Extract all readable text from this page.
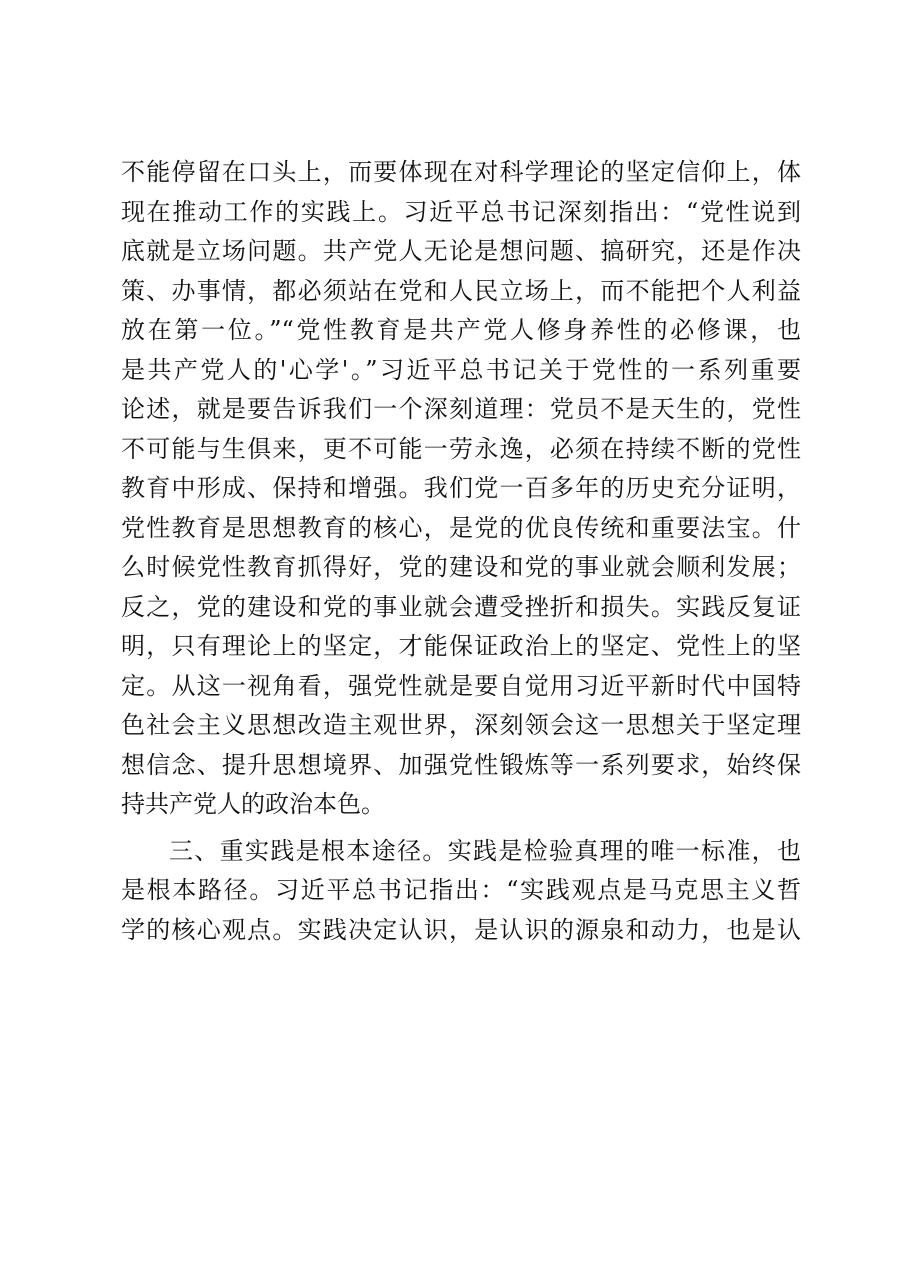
不能停留在口头上，而要体现在对科学理论的坚定信仰上，体
现在推动工作的实践上。习近平总书记深刻指出：“党性说到
底就是立场问题。共产党人无论是想问题、搞研究，还是作决
策、办事情，都必须站在党和人民立场上，而不能把个人利益
放在第一位。”“党性教育是共产党人修身养性的必修课，也
是共产党人的'心学'。”习近平总书记关于党性的一系列重要
论述，就是要告诉我们一个深刻道理：党员不是天生的，党性
不可能与生俱来，更不可能一劳永逸，必须在持续不断的党性
教育中形成、保持和增强。我们党一百多年的历史充分证明，
党性教育是思想教育的核心，是党的优良传统和重要法宝。什
么时候党性教育抓得好，党的建设和党的事业就会顺利发展；
反之，党的建设和党的事业就会遭受挫折和损失。实践反复证
明，只有理论上的坚定，才能保证政治上的坚定、党性上的坚
定。从这一视角看，强党性就是要自觉用习近平新时代中国特
色社会主义思想改造主观世界，深刻领会这一思想关于坚定理
想信念、提升思想境界、加强党性锻炼等一系列要求，始终保
持共产党人的政治本色。
三、重实践是根本途径。实践是检验真理的唯一标准，也
是根本路径。习近平总书记指出：“实践观点是马克思主义哲
学的核心观点。实践决定认识，是认识的源泉和动力，也是认
